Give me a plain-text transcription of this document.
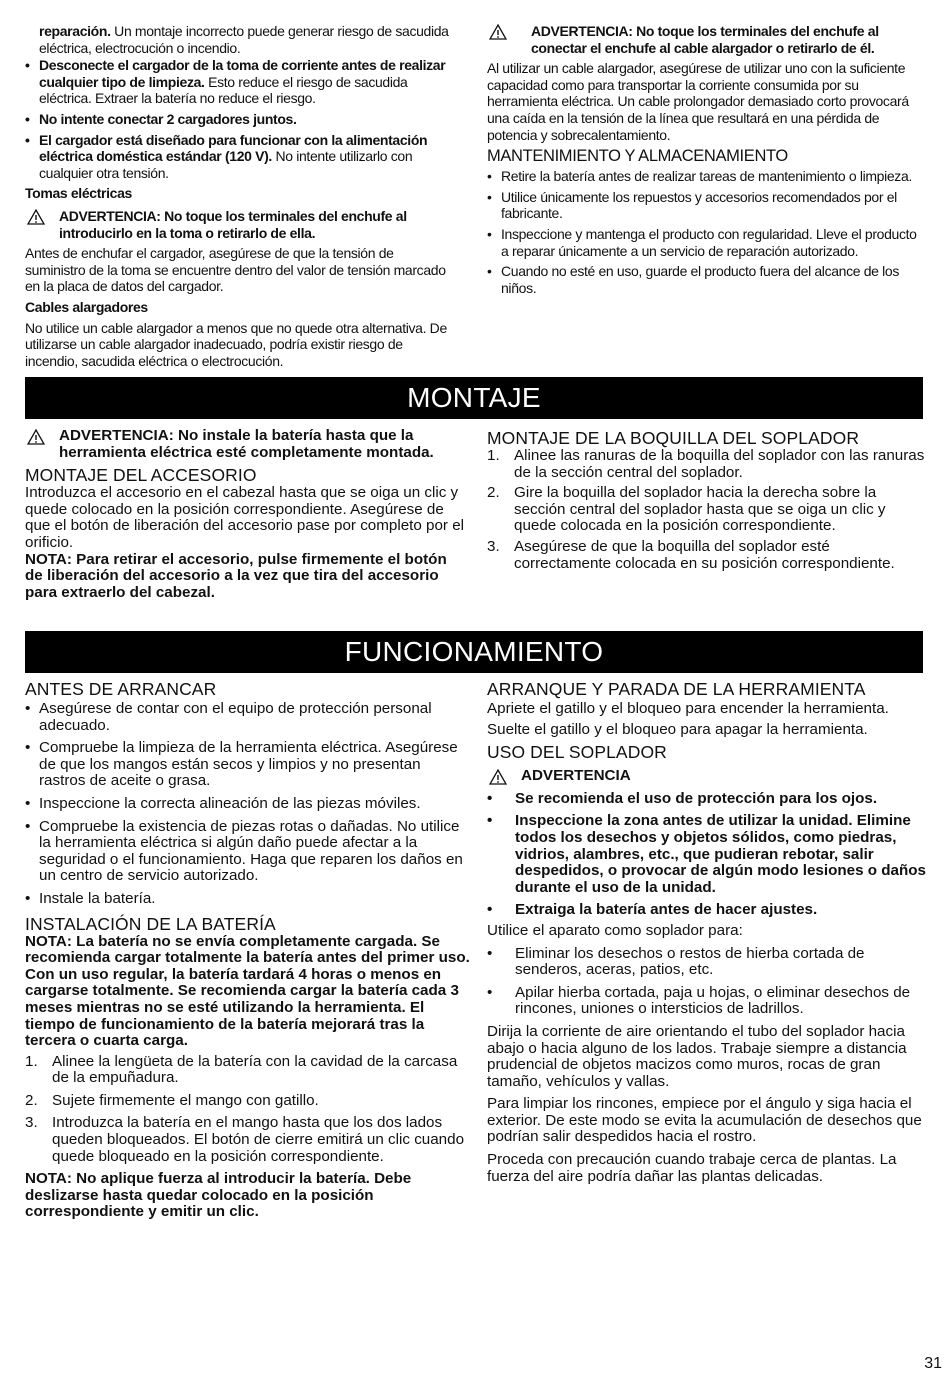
reparación. Un montaje incorrecto puede generar riesgo de sacudida eléctrica, electrocución o incendio.

• Desconecte el cargador de la toma de corriente antes de realizar cualquier tipo de limpieza. Esto reduce el riesgo de sacudida eléctrica. Extraer la batería no reduce el riesgo.
• No intente conectar 2 cargadores juntos.
• El cargador está diseñado para funcionar con la alimentación eléctrica doméstica estándar (120 V). No intente utilizarlo con cualquier otra tensión.
Tomas eléctricas
ADVERTENCIA: No toque los terminales del enchufe al introducirlo en la toma o retirarlo de ella.

Antes de enchufar el cargador, asegúrese de que la tensión de suministro de la toma se encuentre dentro del valor de tensión marcado en la placa de datos del cargador.

Cables alargadores

No utilice un cable alargador a menos que no quede otra alternativa. De utilizarse un cable alargador inadecuado, podría existir riesgo de incendio, sacudida eléctrica o electrocución.

ADVERTENCIA: No toque los terminales del enchufe al conectar el enchufe al cable alargador o retirarlo de él.

Al utilizar un cable alargador, asegúrese de utilizar uno con la suficiente capacidad como para transportar la corriente consumida por su herramienta eléctrica. Un cable prolongador demasiado corto provocará una caída en la tensión de la línea que resultará en una pérdida de potencia y sobrecalentamiento.

MANTENIMIENTO Y ALMACENAMIENTO
• Retire la batería antes de realizar tareas de mantenimiento o limpieza.
• Utilice únicamente los repuestos y accesorios recomendados por el fabricante.
• Inspeccione y mantenga el producto con regularidad. Lleve el producto a reparar únicamente a un servicio de reparación autorizado.
• Cuando no esté en uso, guarde el producto fuera del alcance de los niños.
MONTAJE
ADVERTENCIA: No instale la batería hasta que la herramienta eléctrica esté completamente montada.
MONTAJE DEL ACCESORIO

Introduzca el accesorio en el cabezal hasta que se oiga un clic y quede colocado en la posición correspondiente. Asegúrese de que el botón de liberación del accesorio pase por completo por el orificio.

NOTA: Para retirar el accesorio, pulse firmemente el botón de liberación del accesorio a la vez que tira del accesorio para extraerlo del cabezal.

MONTAJE DE LA BOQUILLA DEL SOPLADOR
1. Alinee las ranuras de la boquilla del soplador con las ranuras de la sección central del soplador.
2. Gire la boquilla del soplador hacia la derecha sobre la sección central del soplador hasta que se oiga un clic y quede colocada en la posición correspondiente.
3. Asegúrese de que la boquilla del soplador esté correctamente colocada en su posición correspondiente.
FUNCIONAMIENTO
ANTES DE ARRANCAR
• Asegúrese de contar con el equipo de protección personal adecuado.
• Compruebe la limpieza de la herramienta eléctrica. Asegúrese de que los mangos están secos y limpios y no presentan rastros de aceite o grasa.
• Inspeccione la correcta alineación de las piezas móviles.
• Compruebe la existencia de piezas rotas o dañadas. No utilice la herramienta eléctrica si algún daño puede afectar a la seguridad o el funcionamiento. Haga que reparen los daños en un centro de servicio autorizado.
• Instale la batería.
INSTALACIÓN DE LA BATERÍA

NOTA: La batería no se envía completamente cargada. Se recomienda cargar totalmente la batería antes del primer uso. Con un uso regular, la batería tardará 4 horas o menos en cargarse totalmente. Se recomienda cargar la batería cada 3 meses mientras no se esté utilizando la herramienta. El tiempo de funcionamiento de la batería mejorará tras la tercera o cuarta carga.

1. Alinee la lengüeta de la batería con la cavidad de la carcasa de la empuñadura.
2. Sujete firmemente el mango con gatillo.
3. Introduzca la batería en el mango hasta que los dos lados queden bloqueados. El botón de cierre emitirá un clic cuando quede bloqueado en la posición correspondiente.

NOTA: No aplique fuerza al introducir la batería. Debe deslizarse hasta quedar colocado en la posición correspondiente y emitir un clic.

ARRANQUE Y PARADA DE LA HERRAMIENTA

Apriete el gatillo y el bloqueo para encender la herramienta.

Suelte el gatillo y el bloqueo para apagar la herramienta.

USO DEL SOPLADOR
ADVERTENCIA
• Se recomienda el uso de protección para los ojos.
• Inspeccione la zona antes de utilizar la unidad. Elimine todos los desechos y objetos sólidos, como piedras, vidrios, alambres, etc., que pudieran rebotar, salir despedidos, o provocar de algún modo lesiones o daños durante el uso de la unidad.
• Extraiga la batería antes de hacer ajustes.

Utilice el aparato como soplador para:

• Eliminar los desechos o restos de hierba cortada de senderos, aceras, patios, etc.
• Apilar hierba cortada, paja u hojas, o eliminar desechos de rincones, uniones o intersticios de ladrillos.

Dirija la corriente de aire orientando el tubo del soplador hacia abajo o hacia alguno de los lados. Trabaje siempre a distancia prudencial de objetos macizos como muros, rocas de gran tamaño, vehículos y vallas.

Para limpiar los rincones, empiece por el ángulo y siga hacia el exterior. De este modo se evita la acumulación de desechos que podrían salir despedidos hacia el rostro.

Proceda con precaución cuando trabaje cerca de plantas. La fuerza del aire podría dañar las plantas delicadas.

31
